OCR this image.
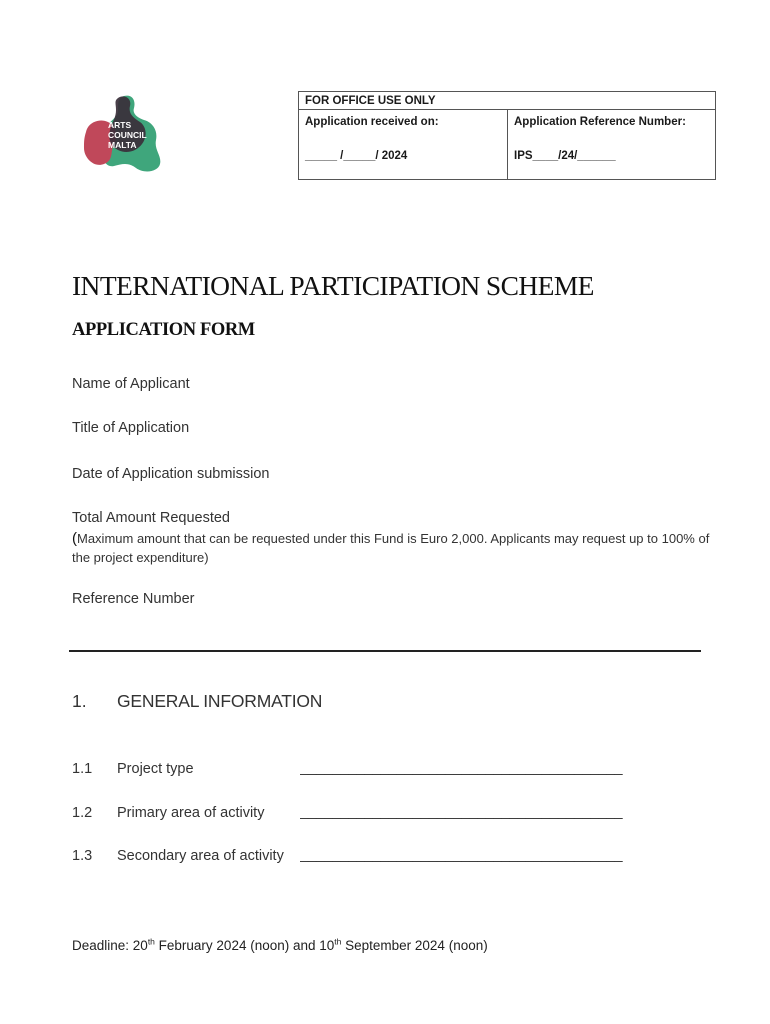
ARTS
COUNCIL
MALTA
FOR OFFICE USE ONLY
Application received on:
_____ /_____/ 2024
Application Reference Number:
IPS____/24/______
INTERNATIONAL PARTICIPATION SCHEME
APPLICATION FORM
Name of Applicant
Title of Application
Date of Application submission
Total Amount Requested
(Maximum amount that can be requested under this Fund is Euro 2,000. Applicants may request up to 100% of the project expenditure)
Reference Number
1. GENERAL INFORMATION
1.1 Project type	________________________________________
1.2 Primary area of activity ________________________________________
1.3 Secondary area of activity ________________________________________
Deadline: 20th February 2024 (noon) and 10th September 2024 (noon)
